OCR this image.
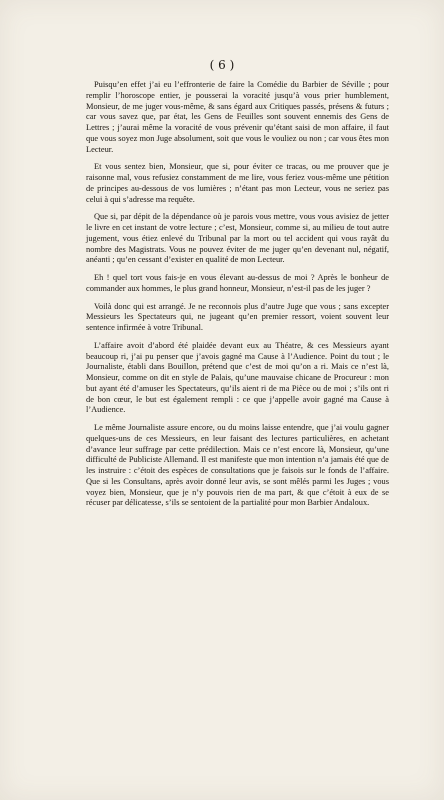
( 6 )

Puisqu’en effet j’ai eu l’effronterie de faire la Comédie du Barbier de Séville ; pour remplir l’horoscope entier, je pousserai la voracité jusqu’à vous prier humblement, Monsieur, de me juger vous-même, & sans égard aux Critiques passés, présens & futurs ; car vous savez que, par état, les Gens de Feuilles sont souvent ennemis des Gens de Lettres ; j’aurai même la voracité de vous prévenir qu’étant saisi de mon affaire, il faut que vous soyez mon Juge absolument, soit que vous le vouliez ou non ; car vous êtes mon Lecteur.

Et vous sentez bien, Monsieur, que si, pour éviter ce tracas, ou me prouver que je raisonne mal, vous refusiez constamment de me lire, vous feriez vous-même une pétition de principes au-dessous de vos lumières ; n’étant pas mon Lecteur, vous ne seriez pas celui à qui s’adresse ma requête.

Que si, par dépit de la dépendance où je parois vous mettre, vous vous avisiez de jetter le livre en cet instant de votre lecture ; c’est, Monsieur, comme si, au milieu de tout autre jugement, vous étiez enlevé du Tribunal par la mort ou tel accident qui vous rayât du nombre des Magistrats. Vous ne pouvez éviter de me juger qu’en devenant nul, négatif, anéanti ; qu’en cessant d’exister en qualité de mon Lecteur.

Eh ! quel tort vous fais-je en vous élevant au-dessus de moi ? Après le bonheur de commander aux hommes, le plus grand honneur, Monsieur, n’est-il pas de les juger ?

Voilà donc qui est arrangé. Je ne reconnois plus d’autre Juge que vous ; sans excepter Messieurs les Spectateurs qui, ne jugeant qu’en premier ressort, voient souvent leur sentence infirmée à votre Tribunal.

L’affaire avoit d’abord été plaidée devant eux au Théatre, & ces Messieurs ayant beaucoup ri, j’ai pu penser que j’avois gagné ma Cause à l’Audience. Point du tout ; le Journaliste, établi dans Bouillon, prétend que c’est de moi qu’on a ri. Mais ce n’est là, Monsieur, comme on dit en style de Palais, qu’une mauvaise chicane de Procureur : mon but ayant été d’amuser les Spectateurs, qu’ils aient ri de ma Pièce ou de moi ; s’ils ont ri de bon cœur, le but est également rempli : ce que j’appelle avoir gagné ma Cause à l’Audience.

Le même Journaliste assure encore, ou du moins laisse entendre, que j’ai voulu gagner quelques-uns de ces Messieurs, en leur faisant des lectures particulières, en achetant d’avance leur suffrage par cette prédilection. Mais ce n’est encore là, Monsieur, qu’une difficulté de Publiciste Allemand. Il est manifeste que mon intention n’a jamais été que de les instruire : c’étoit des espèces de consultations que je faisois sur le fonds de l’affaire. Que si les Consultans, après avoir donné leur avis, se sont mêlés parmi les Juges ; vous voyez bien, Monsieur, que je n’y pouvois rien de ma part, & que c’étoit à eux de se récuser par délicatesse, s’ils se sentoient de la partialité pour mon Barbier Andaloux.
